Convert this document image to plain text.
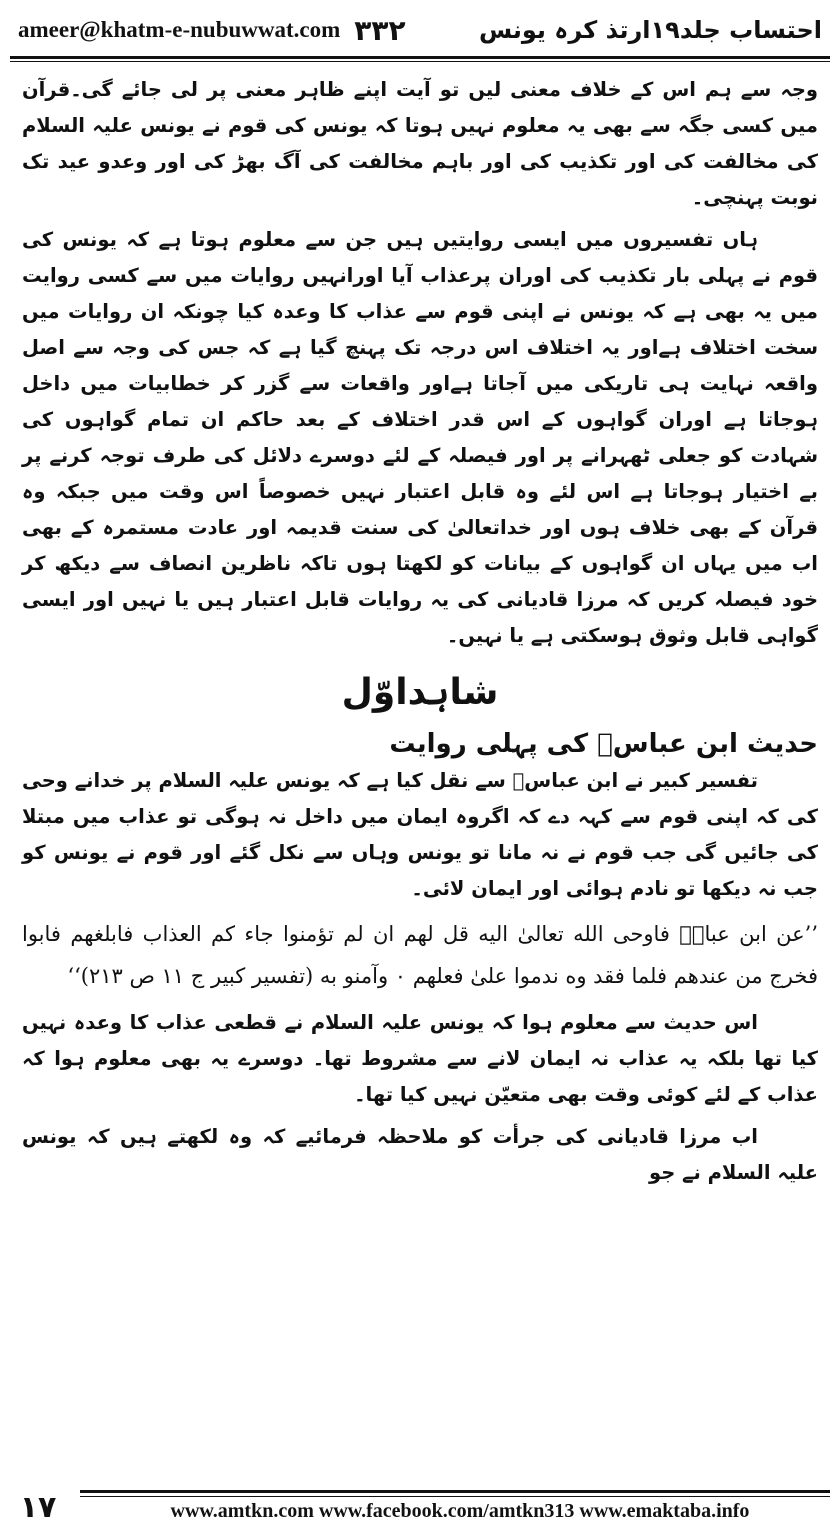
ameer@khatm-e-nubuwwat.com ۳۳۲	احتساب جلد۱۹ارتذ کرہ یونس

وجہ سے ہم اس کے خلاف معنی لیں تو آیت اپنے ظاہر معنی پر لی جائے گی۔قرآن میں کسی جگہ سے بھی یہ معلوم نہیں ہوتا کہ یونس کی قوم نے یونس علیہ السلام کی مخالفت کی اور تکذیب کی اور باہم مخالفت کی آگ بھڑ کی اور وعدو عید تک نوبت پہنچی۔

ہاں تفسیروں میں ایسی روایتیں ہیں جن سے معلوم ہوتا ہے کہ یونس کی قوم نے پہلی بار تکذیب کی اوران پرعذاب آیا اورانہیں روایات میں سے کسی روایت میں یہ بھی ہے کہ یونس نے اپنی قوم سے عذاب کا وعدہ کیا چونکہ ان روایات میں سخت اختلاف ہےاور یہ اختلاف اس درجہ تک پہنچ گیا ہے کہ جس کی وجہ سے اصل واقعہ نہایت ہی تاریکی میں آجاتا ہےاور واقعات سے گزر کر خطابیات میں داخل ہوجاتا ہے اوران گواہوں کے اس قدر اختلاف کے بعد حاکم ان تمام گواہوں کی شہادت کو جعلی ٹھہرانے پر اور فیصلہ کے لئے دوسرے دلائل کی طرف توجہ کرنے پر بے اختیار ہوجاتا ہے اس لئے وہ قابل اعتبار نہیں خصوصاً اس وقت میں جبکہ وہ قرآن کے بھی خلاف ہوں اور خداتعالیٰ کی سنت قدیمہ اور عادت مستمرہ کے بھی اب میں یہاں ان گواہوں کے بیانات کو لکھتا ہوں تاکہ ناظرین انصاف سے دیکھ کر خود فیصلہ کریں کہ مرزا قادیانی کی یہ روایات قابل اعتبار ہیں یا نہیں اور ایسی گواہی قابل وثوق ہوسکتی ہے یا نہیں۔

شاہداوّل
حدیث ابن عباسؓ کی پہلی روایت

تفسیر کبیر نے ابن عباسؓ سے نقل کیا ہے کہ یونس علیہ السلام پر خدانے وحی کی کہ اپنی قوم سے کہہ دے کہ اگروہ ایمان میں داخل نہ ہوگی تو عذاب میں مبتلا کی جائیں گی جب قوم نے نہ مانا تو یونس وہاں سے نکل گئے اور قوم نے یونس کو جب نہ دیکھا تو نادم ہوائی اور ایمان لائی۔

’’عن ابن عباسؓ فاوحی الله تعالیٰ الیه قل لهم ان لم تؤمنوا جاء کم العذاب فابلغهم فابوا فخرج من عندهم فلما فقد وه ندموا علیٰ فعلهم ۰ وآمنو به (تفسیر کبیر ج ۱۱ ص ۲۱۳)‘‘

اس حدیث سے معلوم ہوا کہ یونس علیہ السلام نے قطعی عذاب کا وعدہ نہیں کیا تھا بلکہ یہ عذاب نہ ایمان لانے سے مشروط تھا۔ دوسرے یہ بھی معلوم ہوا کہ عذاب کے لئے کوئی وقت بھی متعیّن نہیں کیا تھا۔

اب مرزا قادیانی کی جرأت کو ملاحظہ فرمائیے کہ وہ لکھتے ہیں کہ یونس علیہ السلام نے جو

۱۷	www.amtkn.com www.facebook.com/amtkn313 www.emaktaba.info
